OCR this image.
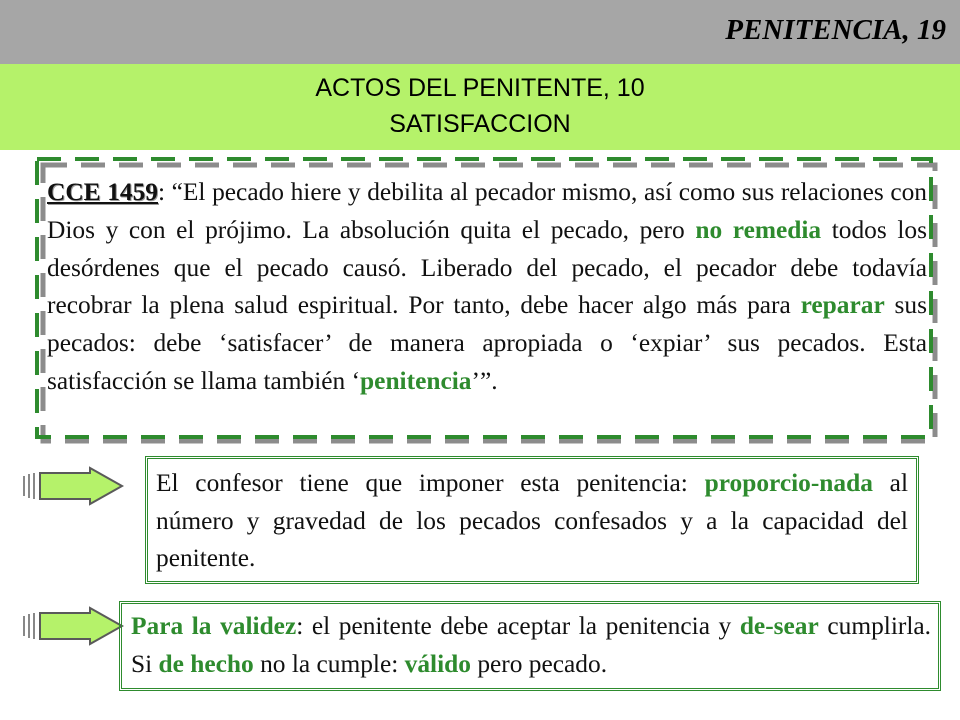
PENITENCIA, 19
ACTOS DEL PENITENTE, 10
SATISFACCION
CCE 1459: “El pecado hiere y debilita al pecador mismo, así como sus relaciones con Dios y con el prójimo. La absolución quita el pecado, pero no remedia todos los desórdenes que el pecado causó. Liberado del pecado, el pecador debe todavía recobrar la plena salud espiritual. Por tanto, debe hacer algo más para reparar sus pecados: debe ‘satisfacer’ de manera apropiada o ‘expiar’ sus pecados. Esta satisfacción se llama también ‘penitencia’”.
El confesor tiene que imponer esta penitencia: proporcio-nada al número y gravedad de los pecados confesados y a la capacidad del penitente.
Para la validez: el penitente debe aceptar la penitencia y de-sear cumplirla. Si de hecho no la cumple: válido pero pecado.
